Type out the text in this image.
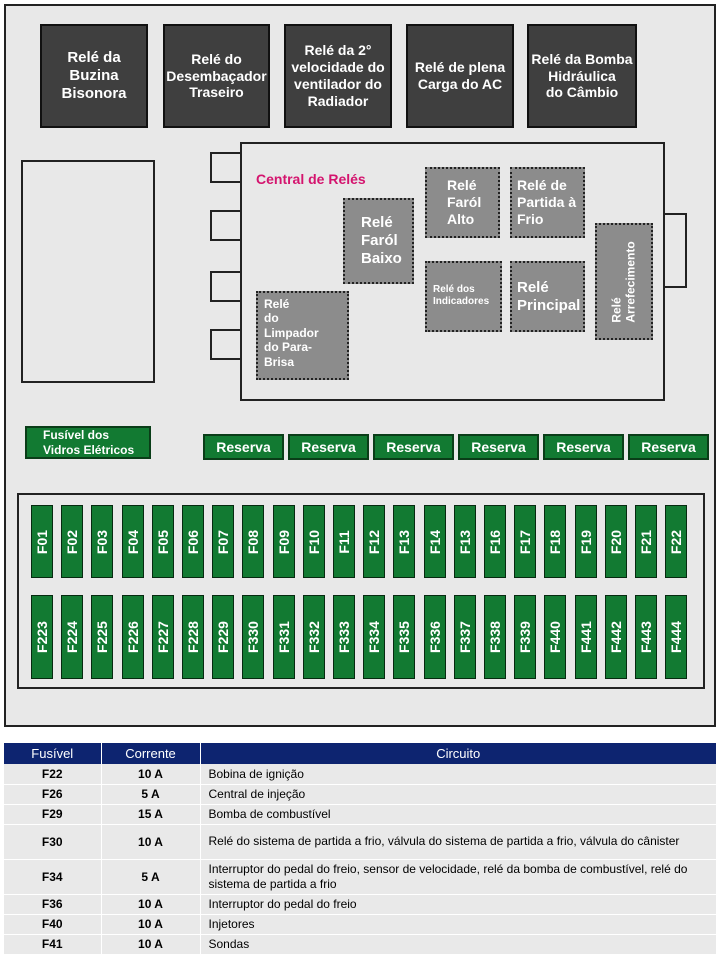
Relé da
Buzina
Bisonora
Relé do
Desembaçador
Traseiro
Relé da 2°
velocidade do
ventilador do
Radiador
Relé de plena
Carga do AC
Relé da Bomba
Hidráulica
do Câmbio
Central de Relés	Relé
Faról
Alto
Relé de
Partida à
Frio
Relé
Faról
Baixo
Relé dos
Indicadores
Relé
Principal	Relé
Arrefecimento

Relé
do
Limpador
do Para-
Brisa
Fusível dos
Vidros Elétricos	Reserva	Reserva	Reserva	Reserva	Reserva	Reserva
F01 F02 F03 F04 F05 F06 F07 F08 F09 F10 F11 F12 F13 F14 F13 F16 F17 F18 F19 F20 F21 F22
F223 F224 F225 F226 F227 F228 F229 F330 F331 F332 F333 F334 F335 F336 F337 F338 F339 F440 F441 F442 F443 F444
Fusível	Corrente	Circuito
F22	10 A	Bobina de ignição
F26	5 A	Central de injeção
F29	15 A	Bomba de combustível
F30	10 A	Relé do sistema de partida a frio, válvula do sistema de partida a frio, válvula do cânister
F34	5 A	Interruptor do pedal do freio, sensor de velocidade, relé da bomba de combustível, relé do sistema de partida a frio
F36	10 A	Interruptor do pedal do freio
F40	10 A	Injetores
F41	10 A	Sondas
